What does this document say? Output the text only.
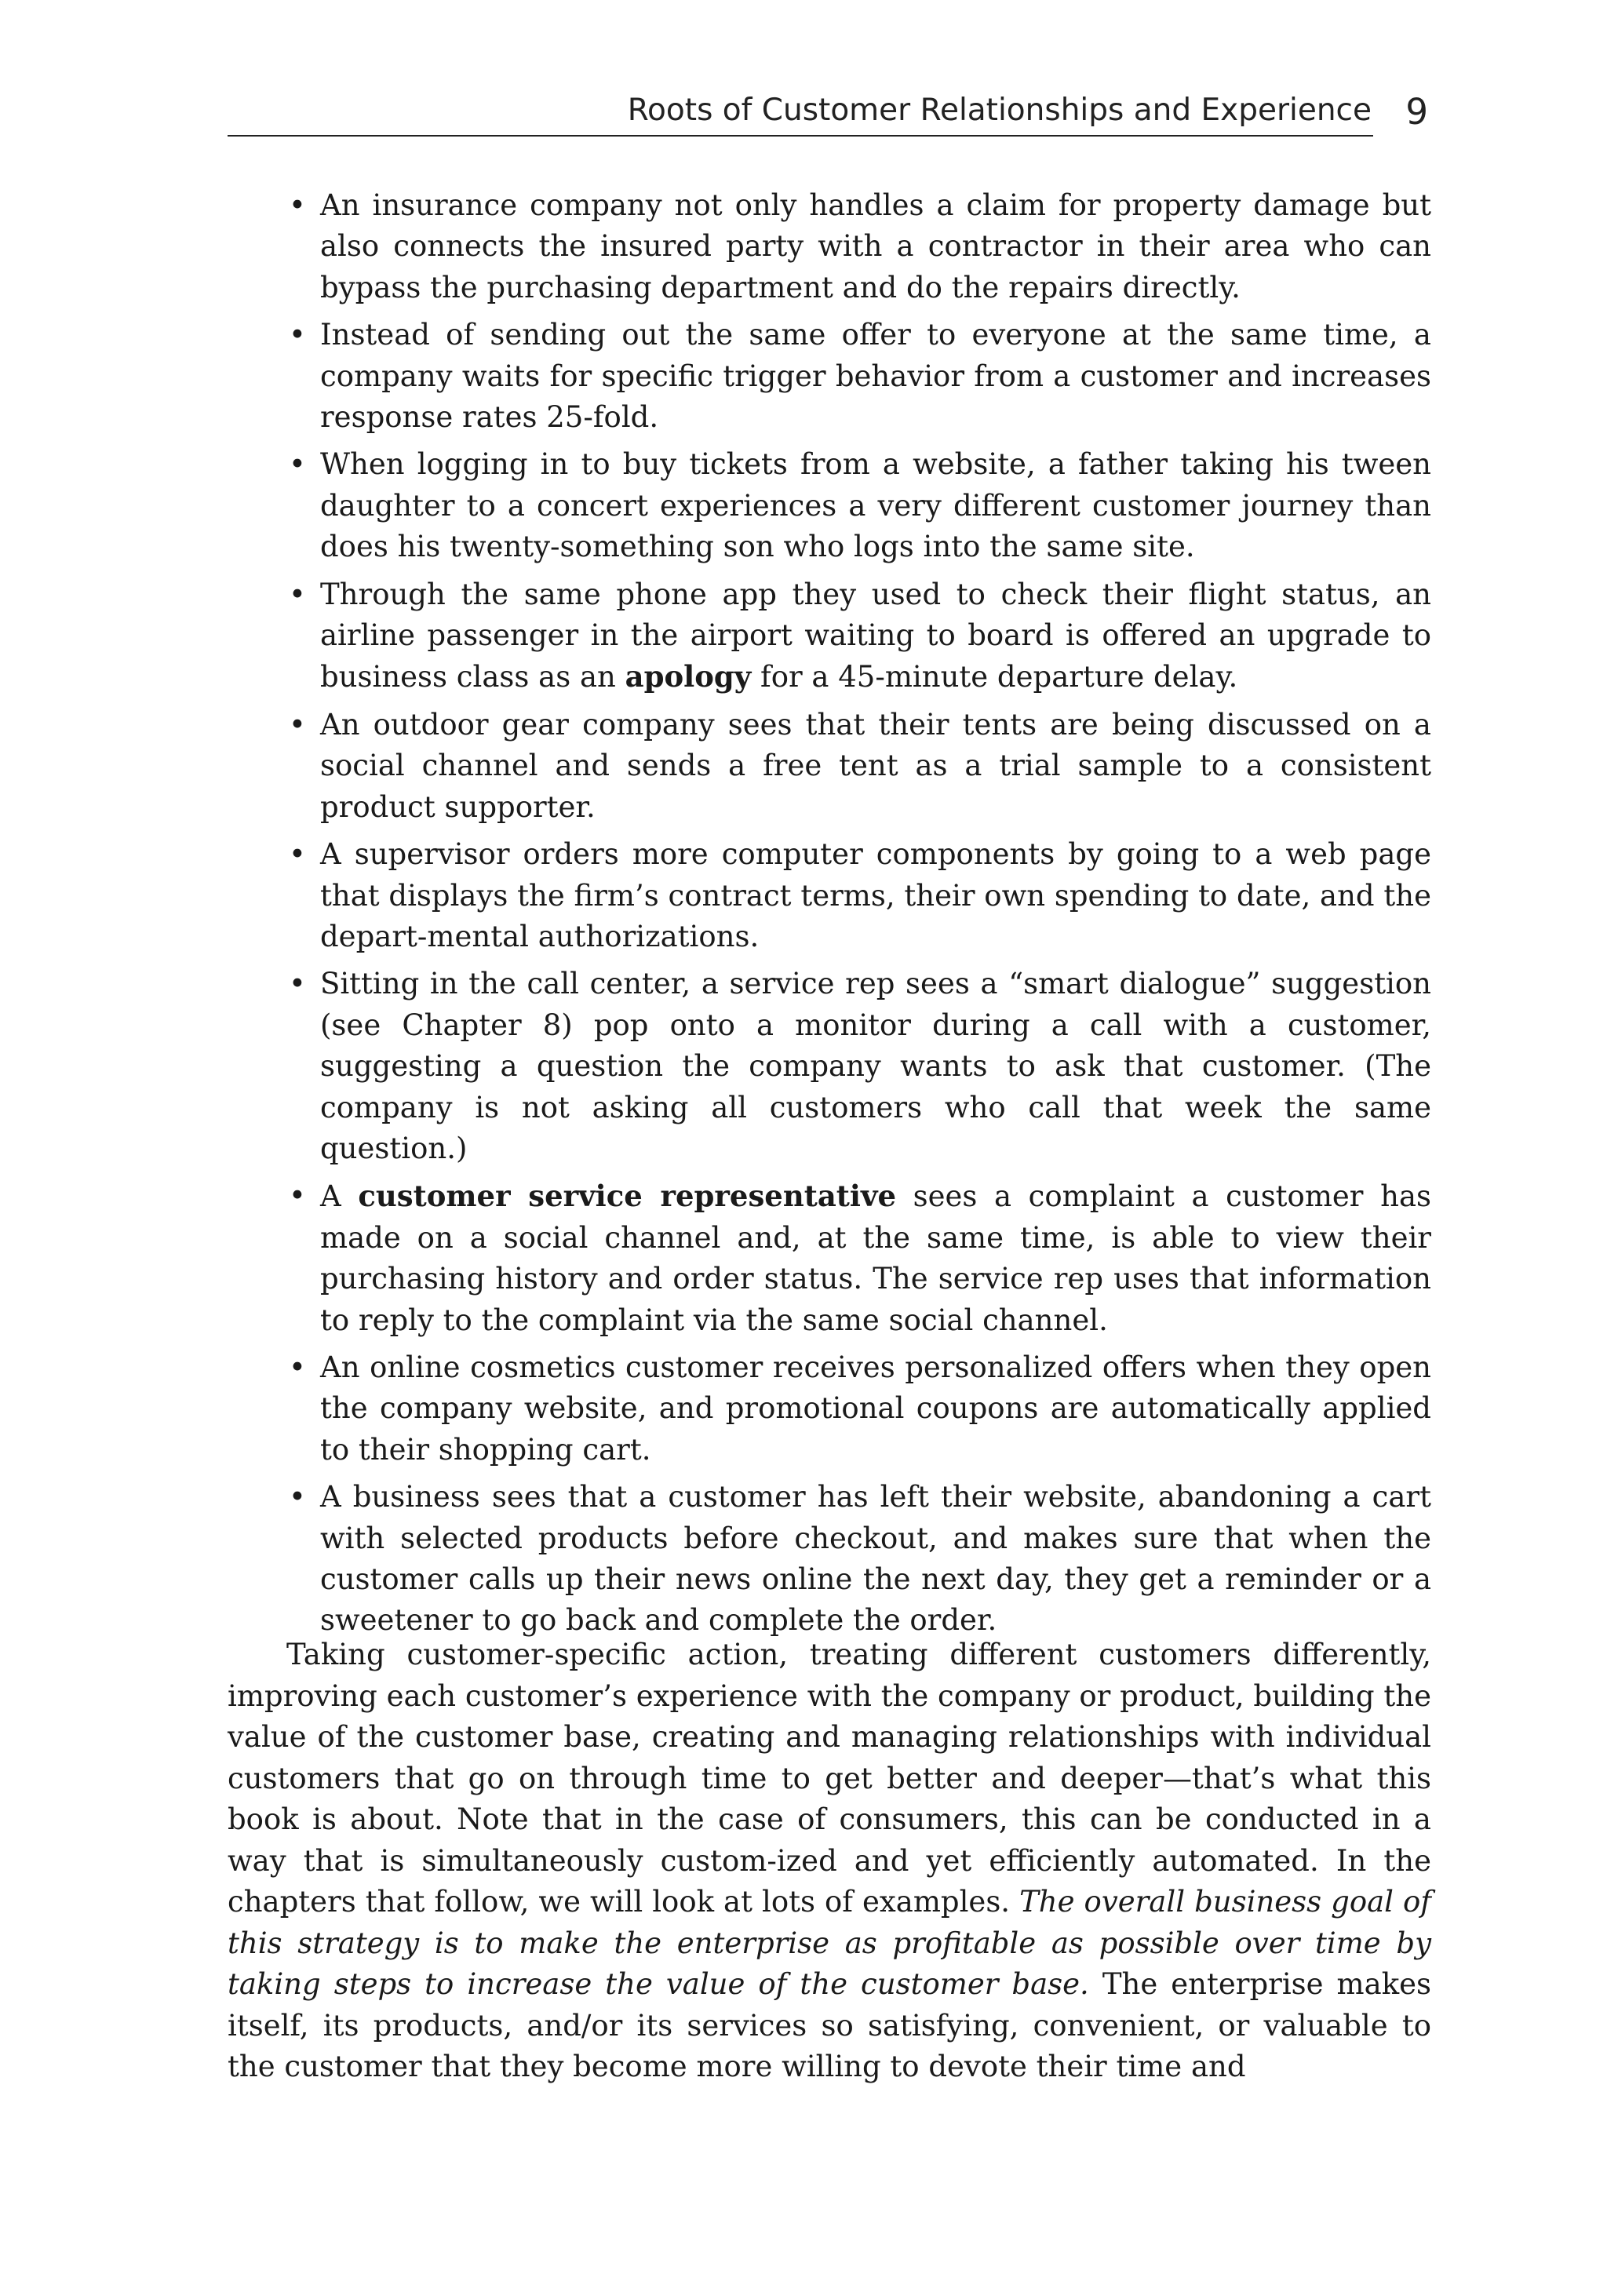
Roots of Customer Relationships and Experience 9
• An insurance company not only handles a claim for property damage but also connects the insured party with a contractor in their area who can bypass the purchasing department and do the repairs directly.
• Instead of sending out the same offer to everyone at the same time, a company waits for specific trigger behavior from a customer and increases response rates 25-fold.
• When logging in to buy tickets from a website, a father taking his tween daughter to a concert experiences a very different customer journey than does his twenty-something son who logs into the same site.
• Through the same phone app they used to check their flight status, an airline passenger in the airport waiting to board is offered an upgrade to business class as an apology for a 45-minute departure delay.
• An outdoor gear company sees that their tents are being discussed on a social channel and sends a free tent as a trial sample to a consistent product supporter.
• A supervisor orders more computer components by going to a web page that displays the firm’s contract terms, their own spending to date, and the depart-mental authorizations.
• Sitting in the call center, a service rep sees a “smart dialogue” suggestion (see Chapter 8) pop onto a monitor during a call with a customer, suggesting a question the company wants to ask that customer. (The company is not asking all customers who call that week the same question.)
• A customer service representative sees a complaint a customer has made on a social channel and, at the same time, is able to view their purchasing history and order status. The service rep uses that information to reply to the complaint via the same social channel.
• An online cosmetics customer receives personalized offers when they open the company website, and promotional coupons are automatically applied to their shopping cart.
• A business sees that a customer has left their website, abandoning a cart with selected products before checkout, and makes sure that when the customer calls up their news online the next day, they get a reminder or a sweetener to go back and complete the order.

Taking customer-specific action, treating different customers differently, improving each customer’s experience with the company or product, building the value of the customer base, creating and managing relationships with individual customers that go on through time to get better and deeper—that’s what this book is about. Note that in the case of consumers, this can be conducted in a way that is simultaneously custom-ized and yet efficiently automated. In the chapters that follow, we will look at lots of examples. The overall business goal of this strategy is to make the enterprise as profitable as possible over time by taking steps to increase the value of the customer base. The enterprise makes itself, its products, and/or its services so satisfying, convenient, or valuable to the customer that they become more willing to devote their time and
